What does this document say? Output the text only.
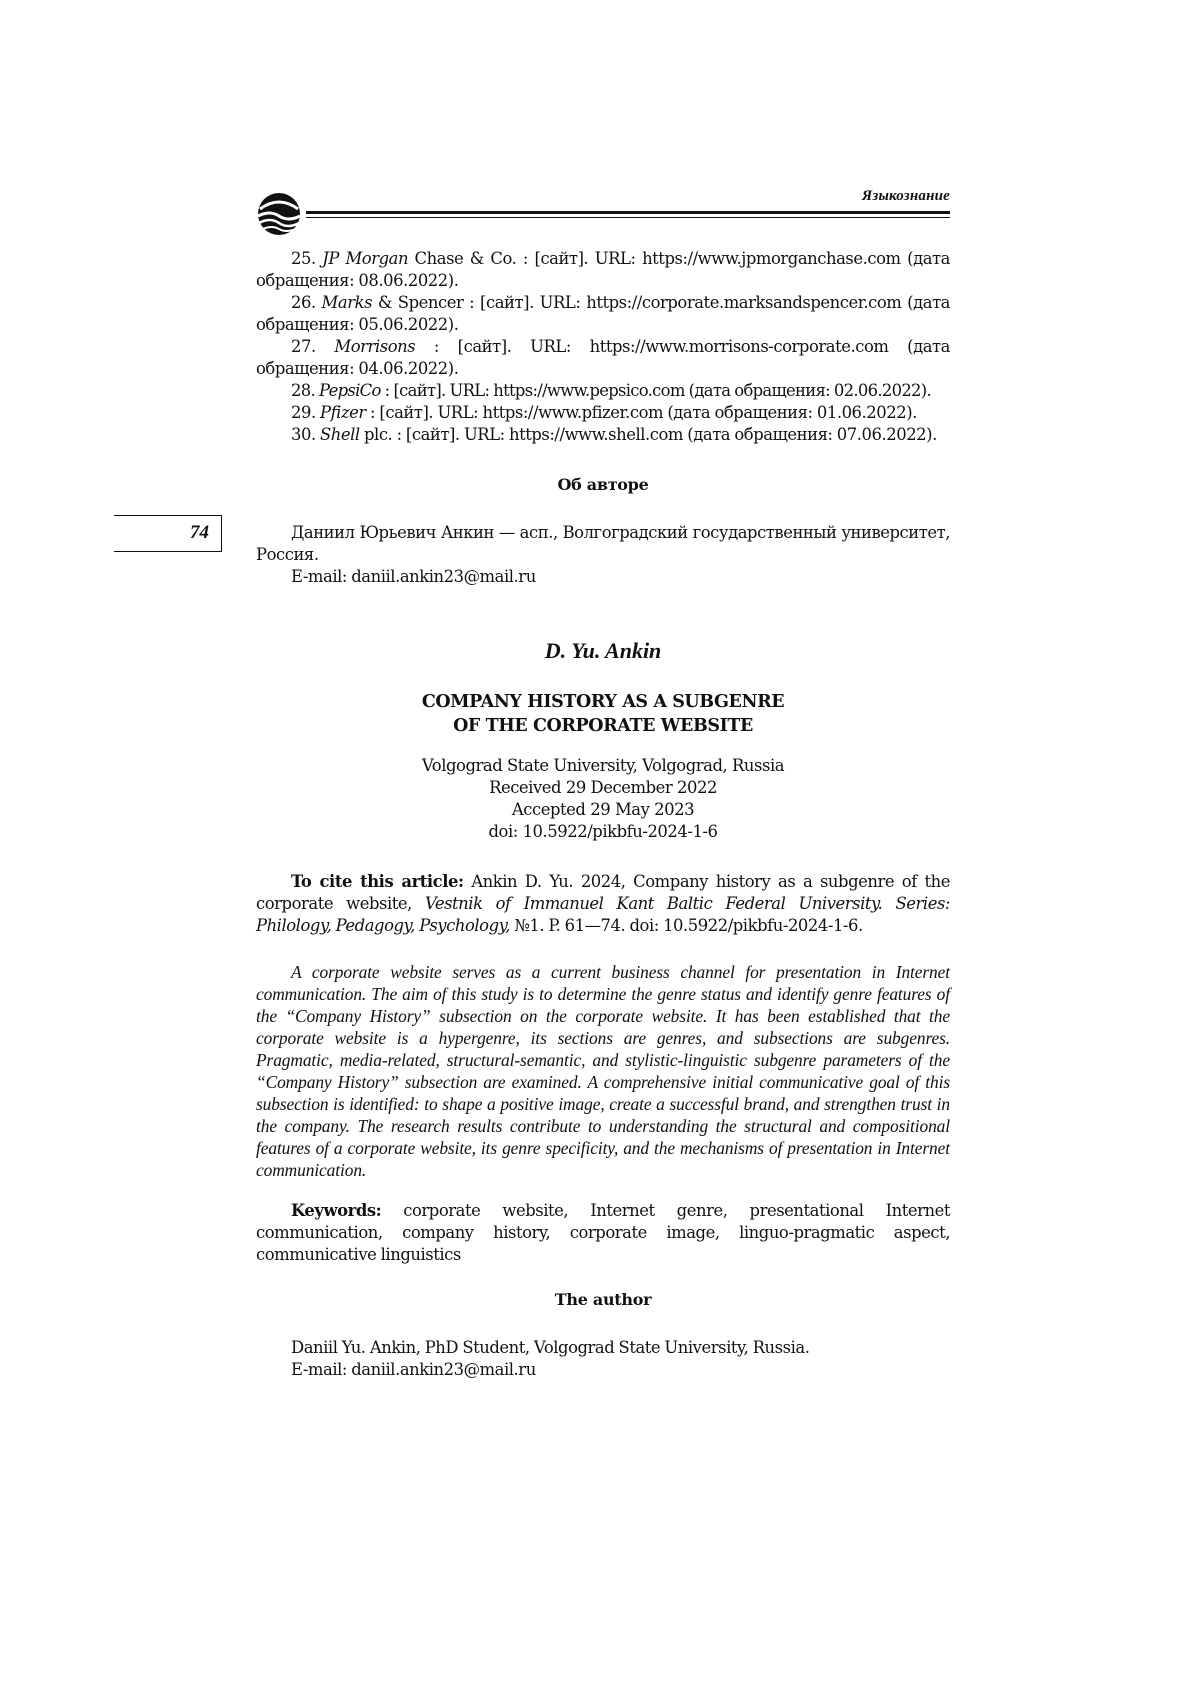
Языкознание
74

25. JP Morgan Chase & Co. : [сайт]. URL: https://www.jpmorganchase.com (дата обращения: 08.06.2022).

26. Marks & Spencer : [сайт]. URL: https://corporate.marksandspencer.com (дата обращения: 05.06.2022).

27. Morrisons : [сайт]. URL: https://www.morrisons-corporate.com (дата обращения: 04.06.2022).

28. PepsiCo : [сайт]. URL: https://www.pepsico.com (дата обращения: 02.06.2022).

29. Pfizer : [сайт]. URL: https://www.pfizer.com (дата обращения: 01.06.2022).

30. Shell plc. : [сайт]. URL: https://www.shell.com (дата обращения: 07.06.2022).

Об авторе

Даниил Юрьевич Анкин — асп., Волгоградский государственный университет, Россия.

E-mail: daniil.ankin23@mail.ru

D. Yu. Ankin
COMPANY HISTORY AS A SUBGENRE
OF THE CORPORATE WEBSITE
Volgograd State University, Volgograd, Russia
Received 29 December 2022
Accepted 29 May 2023
doi: 10.5922/pikbfu-2024-1-6

To cite this article: Ankin D. Yu. 2024, Company history as a subgenre of the corporate website, Vestnik of Immanuel Kant Baltic Federal University. Series: Philology, Pedagogy, Psychology, №1. P. 61—74. doi: 10.5922/pikbfu-2024-1-6.

A corporate website serves as a current business channel for presentation in Internet communication. The aim of this study is to determine the genre status and identify genre features of the “Company History” subsection on the corporate website. It has been established that the corporate website is a hypergenre, its sections are genres, and subsections are subgenres. Pragmatic, media-related, structural-semantic, and stylistic-linguistic subgenre parameters of the “Company History” subsection are examined. A comprehensive initial communicative goal of this subsection is identified: to shape a positive image, create a successful brand, and strengthen trust in the company. The research results contribute to understanding the structural and compositional features of a corporate website, its genre specificity, and the mechanisms of presentation in Internet communication.

Keywords: corporate website, Internet genre, presentational Internet communication, company history, corporate image, linguo-pragmatic aspect, communicative linguistics

The author

Daniil Yu. Ankin, PhD Student, Volgograd State University, Russia.

E-mail: daniil.ankin23@mail.ru
